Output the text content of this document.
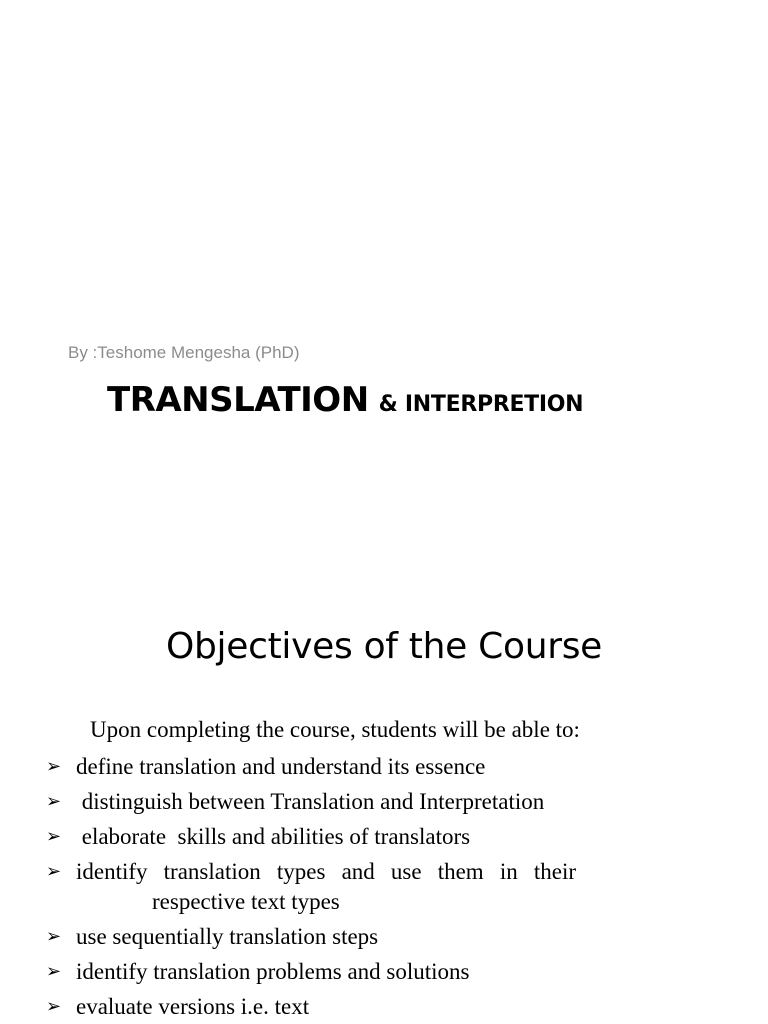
By :Teshome Mengesha (PhD)
TRANSLATION & INTERPRETION
Objectives of the Course
Upon completing the course, students will be able to:
➢ define translation and understand its essence
➢ distinguish between Translation and Interpretation
➢ elaborate  skills and abilities of translators
➢ identify translation types and use them in their
respective text types
➢ use sequentially translation steps
➢ identify translation problems and solutions
➢ evaluate versions i.e. text
